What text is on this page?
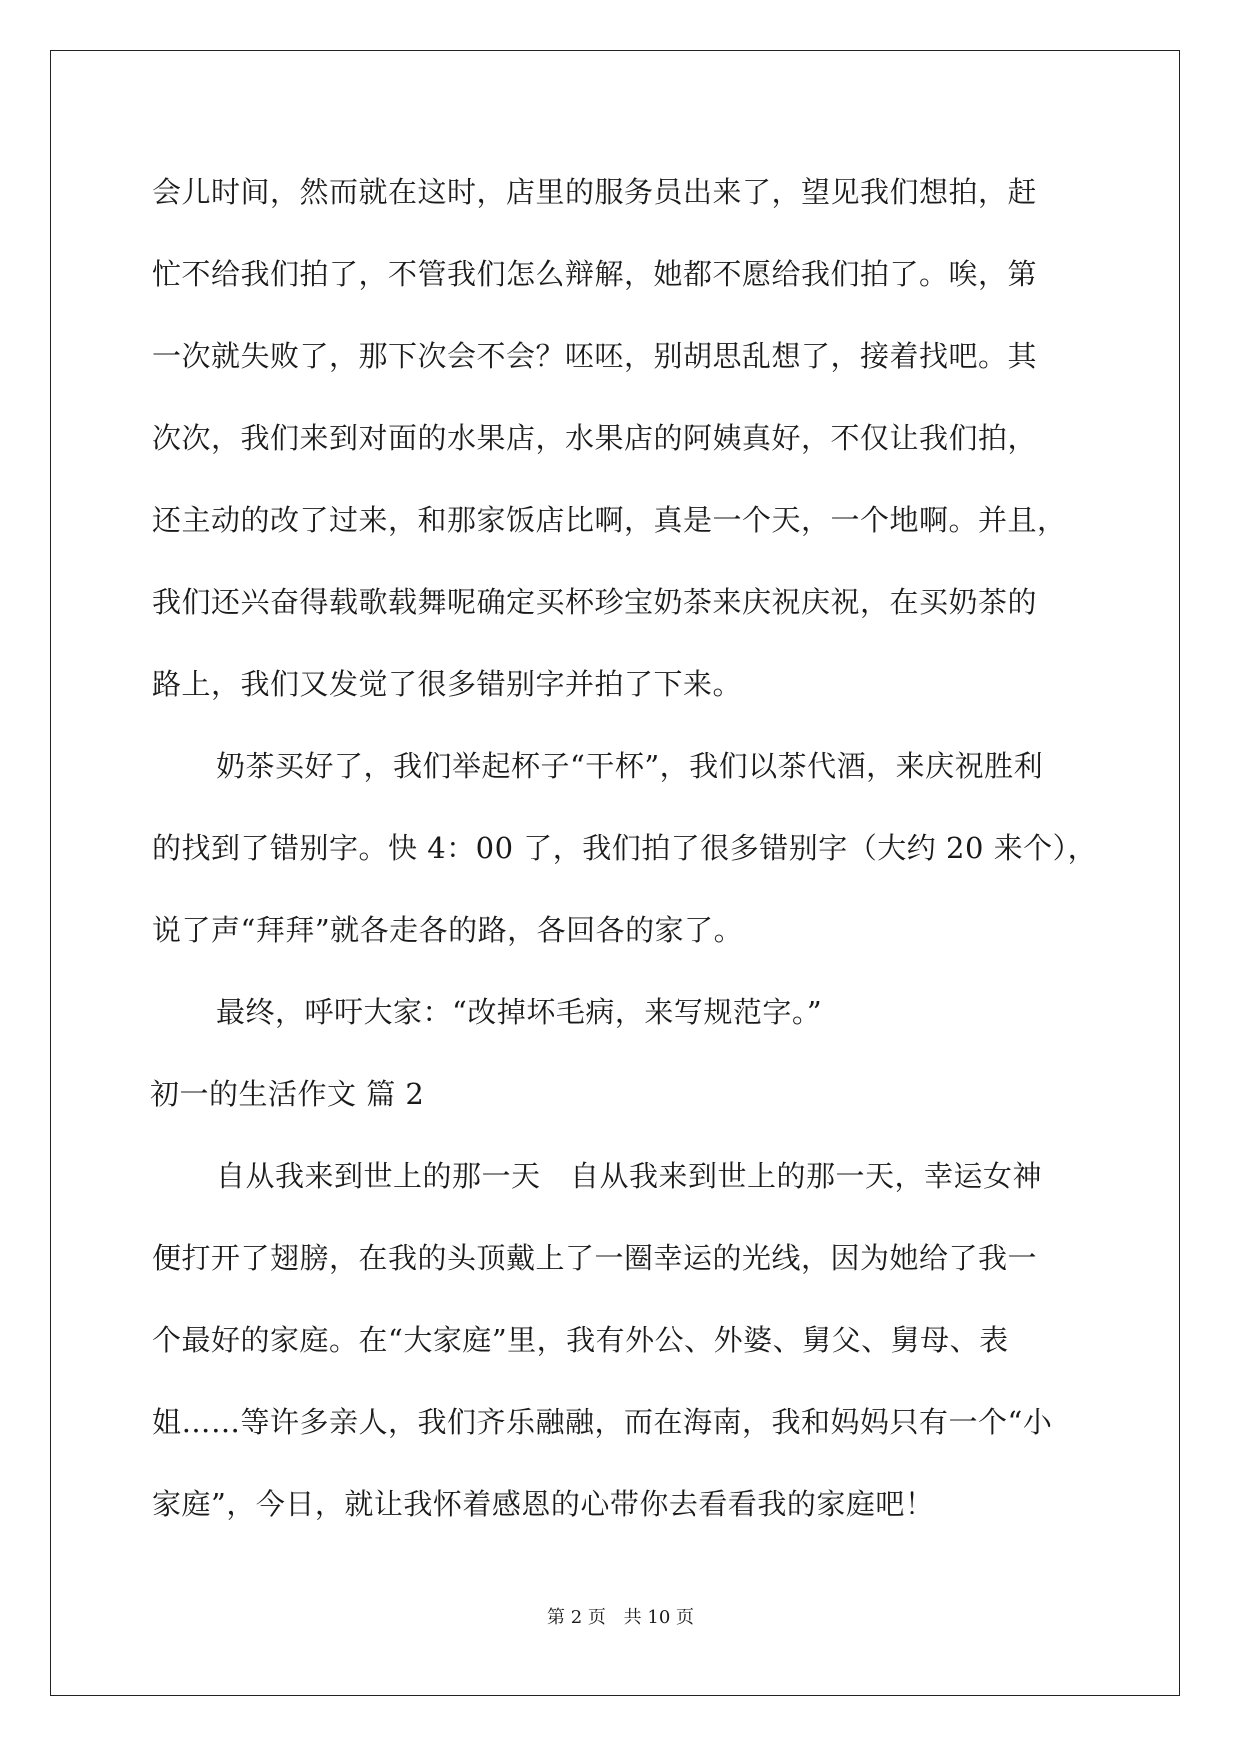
会儿时间，然而就在这时，店里的服务员出来了，望见我们想拍，赶
忙不给我们拍了，不管我们怎么辩解，她都不愿给我们拍了。唉，第
一次就失败了，那下次会不会？呸呸，别胡思乱想了，接着找吧。其
次次，我们来到对面的水果店，水果店的阿姨真好，不仅让我们拍，
还主动的改了过来，和那家饭店比啊，真是一个天，一个地啊。并且，
我们还兴奋得载歌载舞呢确定买杯珍宝奶茶来庆祝庆祝，在买奶茶的
路上，我们又发觉了很多错别字并拍了下来。
奶茶买好了，我们举起杯子“干杯”，我们以茶代酒，来庆祝胜利
的找到了错别字。快 4：00 了，我们拍了很多错别字（大约 20 来个），
说了声“拜拜”就各走各的路，各回各的家了。
最终，呼吁大家：“改掉坏毛病，来写规范字。”
初一的生活作文 篇 2
自从我来到世上的那一天　自从我来到世上的那一天，幸运女神
便打开了翅膀，在我的头顶戴上了一圈幸运的光线，因为她给了我一
个最好的家庭。在“大家庭”里，我有外公、外婆、舅父、舅母、表
姐……等许多亲人，我们齐乐融融，而在海南，我和妈妈只有一个“小
家庭”，今日，就让我怀着感恩的心带你去看看我的家庭吧！
第 2 页 共 10 页
